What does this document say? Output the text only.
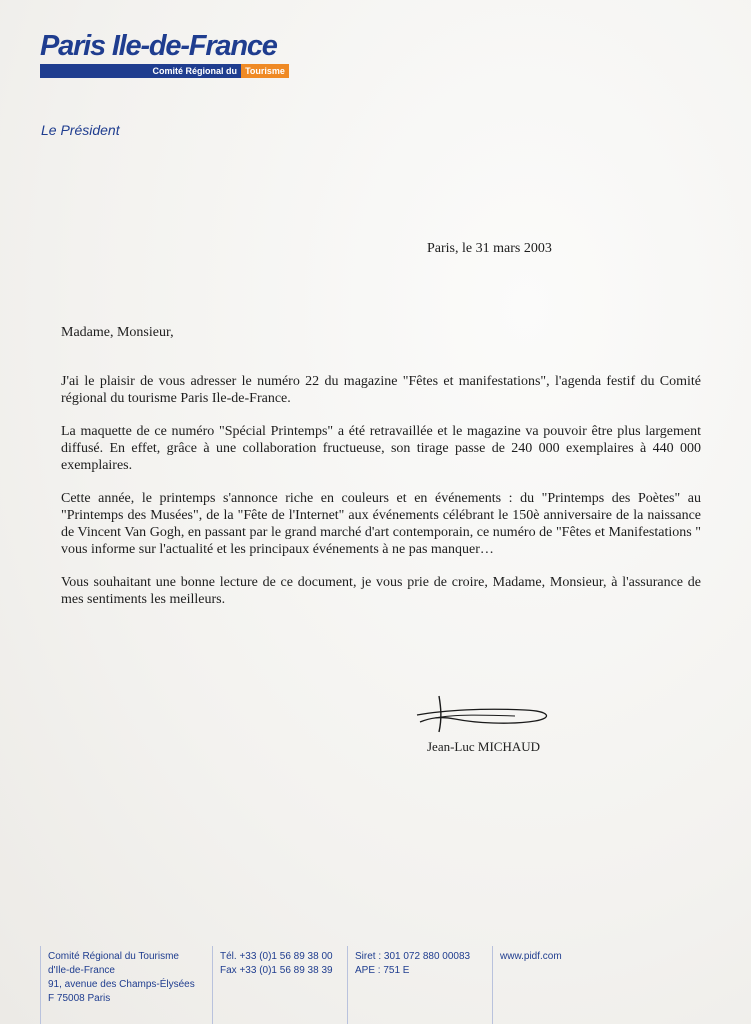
Paris Ile-de-France
Comité Régional du Tourisme
Le Président
Paris, le 31 mars 2003
Madame, Monsieur,

J'ai le plaisir de vous adresser le numéro 22 du magazine "Fêtes et manifestations", l'agenda festif du Comité régional du tourisme Paris Ile-de-France.

La maquette de ce numéro "Spécial Printemps" a été retravaillée et le magazine va pouvoir être plus largement diffusé. En effet, grâce à une collaboration fructueuse, son tirage passe de 240 000 exemplaires à 440 000 exemplaires.

Cette année, le printemps s'annonce riche en couleurs et en événements : du "Printemps des Poètes" au "Printemps des Musées", de la "Fête de l'Internet" aux événements célébrant le 150è anniversaire de la naissance de Vincent Van Gogh, en passant par le grand marché d'art contemporain, ce numéro de "Fêtes et Manifestations " vous informe sur l'actualité et les principaux événements à ne pas manquer…

Vous souhaitant une bonne lecture de ce document, je vous prie de croire, Madame, Monsieur, à l'assurance de mes sentiments les meilleurs.

Jean-Luc MICHAUD
Comité Régional du Tourisme
d'Ile-de-France
91, avenue des Champs-Élysées
F 75008 Paris
Tél. +33 (0)1 56 89 38 00
Fax +33 (0)1 56 89 38 39
Siret : 301 072 880 00083
APE : 751 E
www.pidf.com
